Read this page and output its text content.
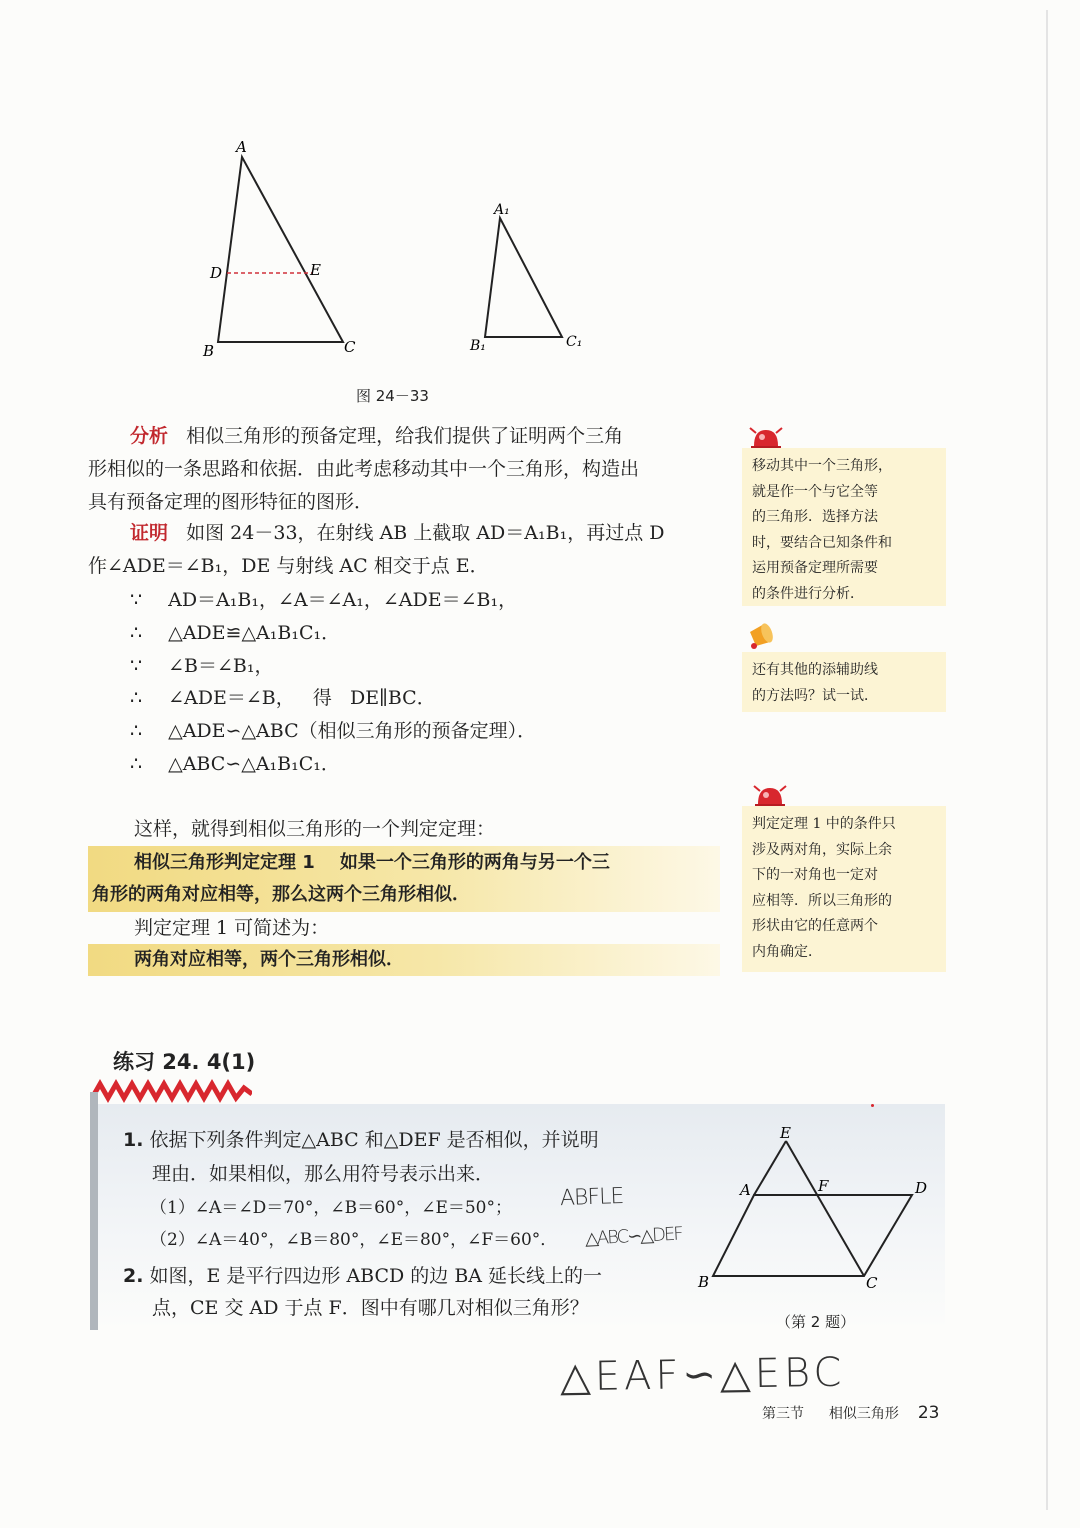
A
B	C
D	E
A₁
B₁	C₁
图 24－33
分析 相似三角形的预备定理，给我们提供了证明两个三角
形相似的一条思路和依据．由此考虑移动其中一个三角形，构造出
具有预备定理的图形特征的图形．
证明 如图 24－33，在射线 AB 上截取 AD＝A₁B₁，再过点 D
作∠ADE＝∠B₁，DE 与射线 AC 相交于点 E．
∵ AD＝A₁B₁，∠A＝∠A₁，∠ADE＝∠B₁，
∴ △ADE≌△A₁B₁C₁．
∵ ∠B＝∠B₁，
∴ ∠ADE＝∠B，   得   DE∥BC．
∴ △ADE∽△ABC（相似三角形的预备定理）．
∴ △ABC∽△A₁B₁C₁．
移动其中一个三角形，
就是作一个与它全等
的三角形．选择方法
时，要结合已知条件和
运用预备定理所需要
的条件进行分析．
还有其他的添辅助线
的方法吗？试一试．
判定定理 1 中的条件只
涉及两对角，实际上余
下的一对角也一定对
应相等．所以三角形的
形状由它的任意两个
内角确定．
这样，就得到相似三角形的一个判定定理：
相似三角形判定定理 1    如果一个三角形的两角与另一个三
角形的两角对应相等，那么这两个三角形相似．
判定定理 1 可简述为：
两角对应相等，两个三角形相似．
练习 24. 4(1)
1. 依据下列条件判定△ABC 和△DEF 是否相似，并说明
理由．如果相似，那么用符号表示出来．
（1）∠A＝∠D＝70°，∠B＝60°，∠E＝50°；
（2）∠A＝40°，∠B＝80°，∠E＝80°，∠F＝60°．
2. 如图，E 是平行四边形 ABCD 的边 BA 延长线上的一
点，CE 交 AD 于点 F．图中有哪几对相似三角形？
E
A	F	D
B	C
（第 2 题）
ABFLE
△ABC∽△DEF
△EAF∽△EBC
第三节 相似三角形 23
